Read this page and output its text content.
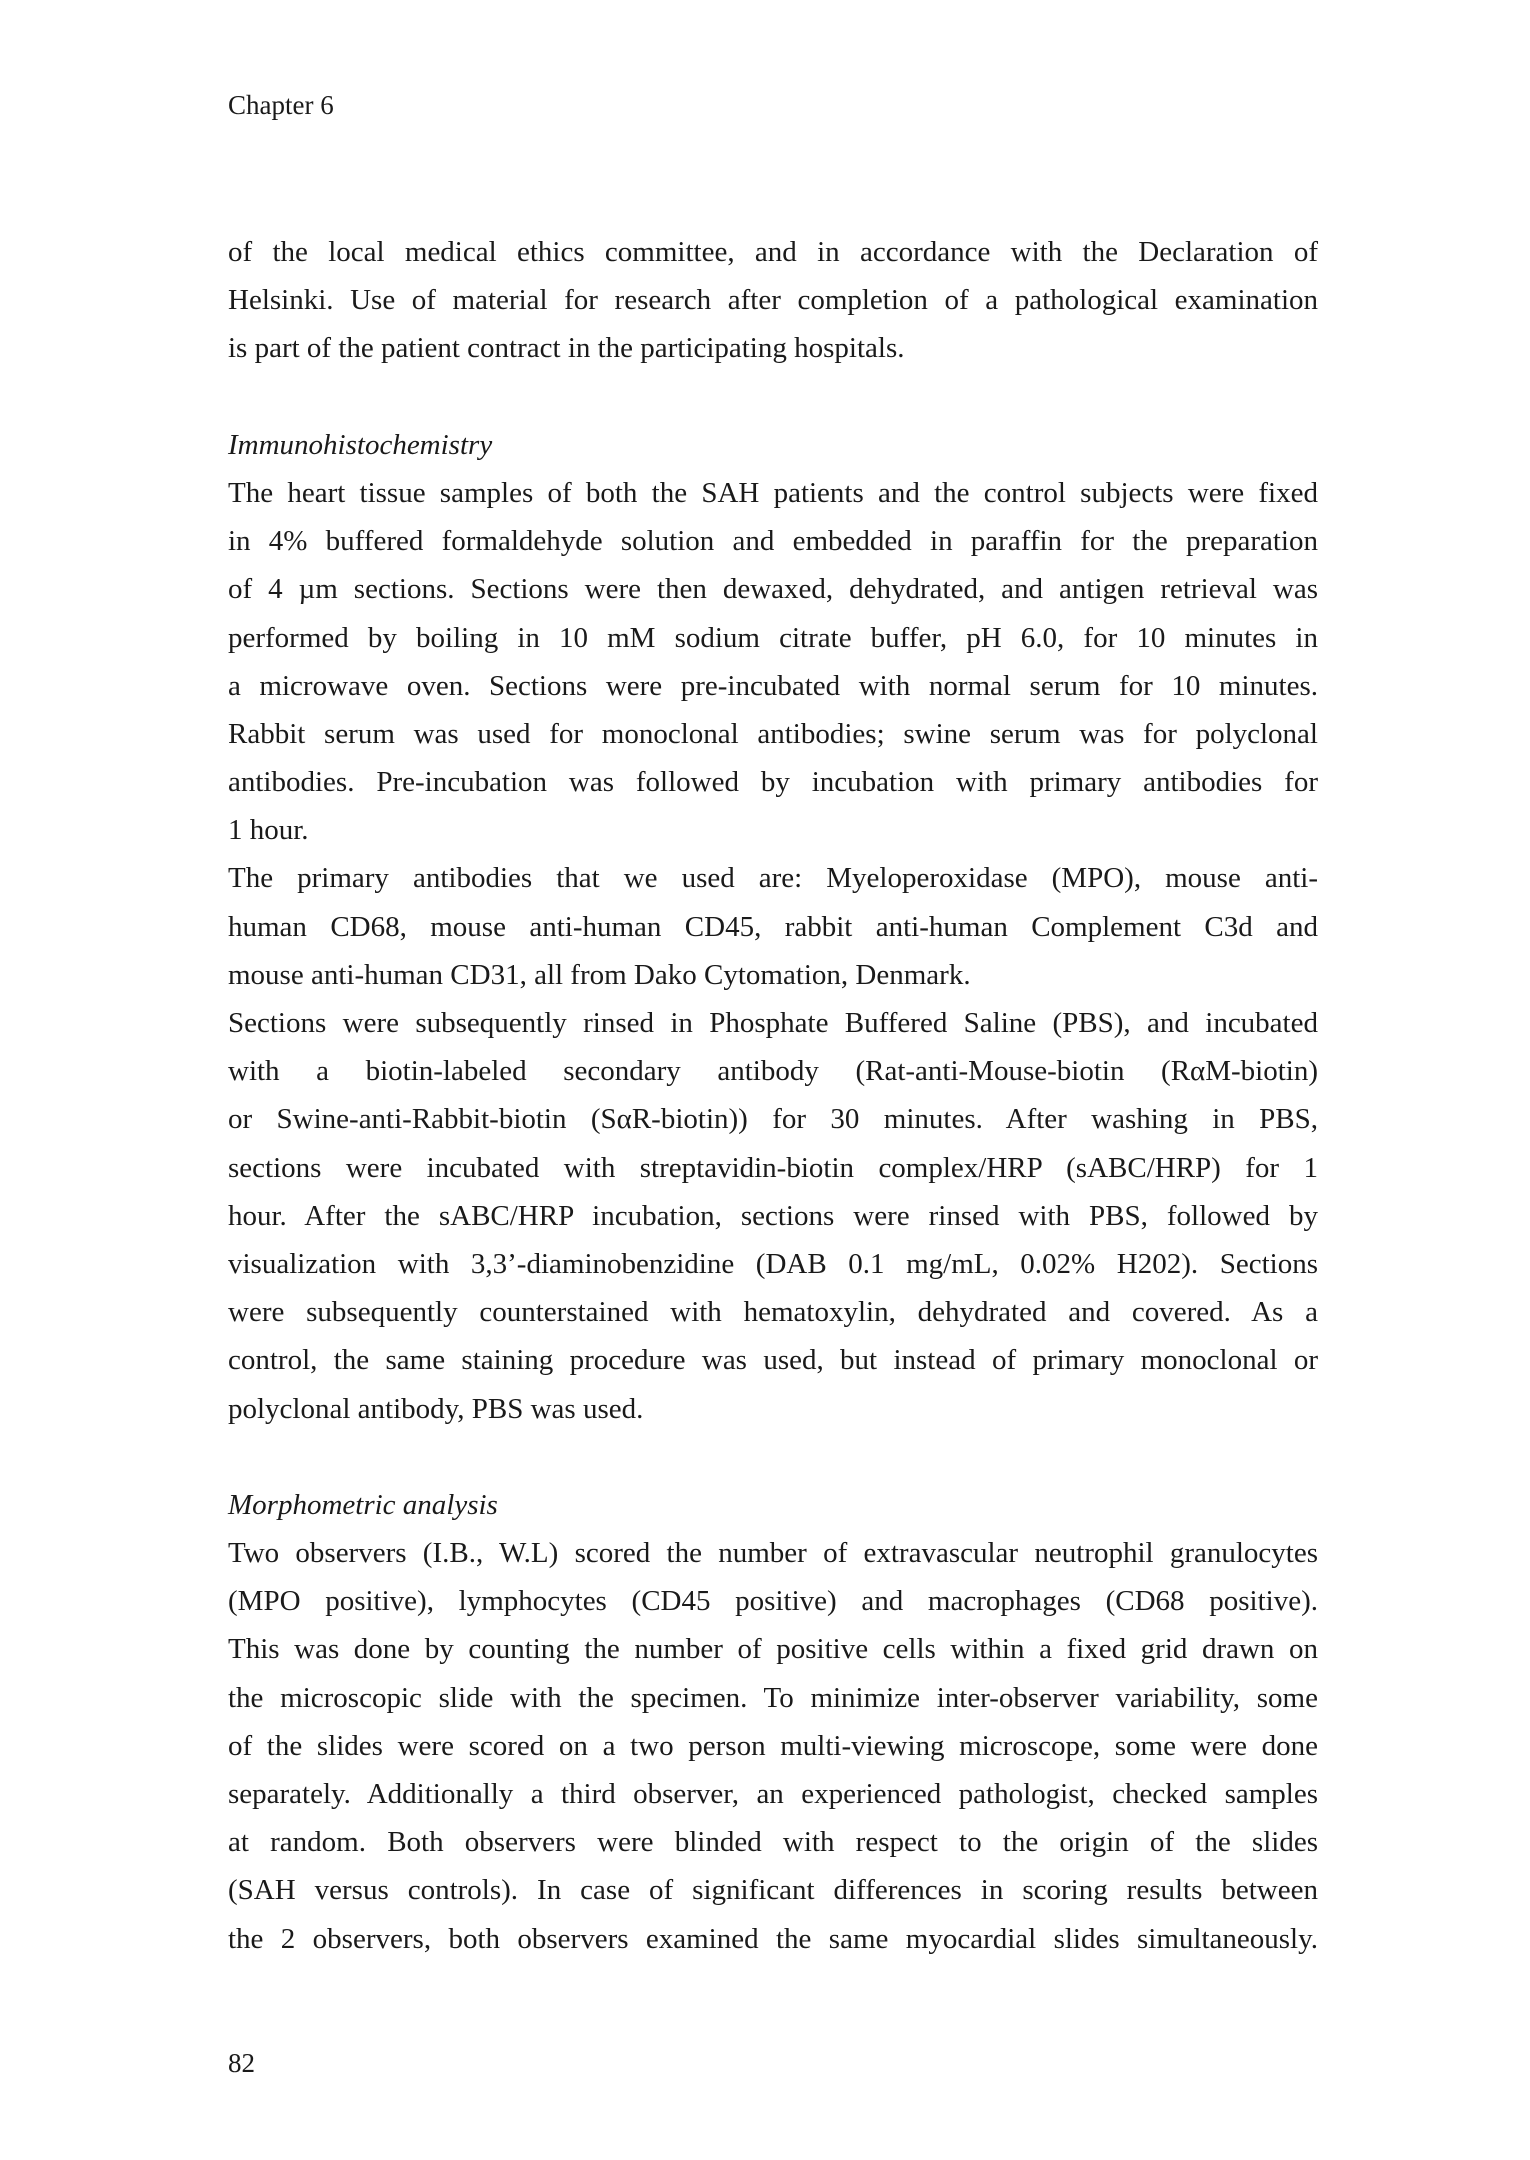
Chapter 6
of the local medical ethics committee, and in accordance with the Declaration of
Helsinki. Use of material for research after completion of a pathological examination
is part of the patient contract in the participating hospitals.
Immunohistochemistry
The heart tissue samples of both the SAH patients and the control subjects were fixed
in 4% buffered formaldehyde solution and embedded in paraffin for the preparation
of 4 µm sections. Sections were then dewaxed, dehydrated, and antigen retrieval was
performed by boiling in 10 mM sodium citrate buffer, pH 6.0, for 10 minutes in
a microwave oven. Sections were pre-incubated with normal serum for 10 minutes.
Rabbit serum was used for monoclonal antibodies; swine serum was for polyclonal
antibodies. Pre-incubation was followed by incubation with primary antibodies for
1 hour.
The primary antibodies that we used are: Myeloperoxidase (MPO), mouse anti-
human CD68, mouse anti-human CD45, rabbit anti-human Complement C3d and
mouse anti-human CD31, all from Dako Cytomation, Denmark.
Sections were subsequently rinsed in Phosphate Buffered Saline (PBS), and incubated
with a biotin-labeled secondary antibody (Rat-anti-Mouse-biotin (RαM-biotin)
or Swine-anti-Rabbit-biotin (SαR-biotin)) for 30 minutes. After washing in PBS,
sections were incubated with streptavidin-biotin complex/HRP (sABC/HRP) for 1
hour. After the sABC/HRP incubation, sections were rinsed with PBS, followed by
visualization with 3,3’-diaminobenzidine (DAB 0.1 mg/mL, 0.02% H202). Sections
were subsequently counterstained with hematoxylin, dehydrated and covered. As a
control, the same staining procedure was used, but instead of primary monoclonal or
polyclonal antibody, PBS was used.
Morphometric analysis
Two observers (I.B., W.L) scored the number of extravascular neutrophil granulocytes
(MPO positive), lymphocytes (CD45 positive) and macrophages (CD68 positive).
This was done by counting the number of positive cells within a fixed grid drawn on
the microscopic slide with the specimen. To minimize inter-observer variability, some
of the slides were scored on a two person multi-viewing microscope, some were done
separately. Additionally a third observer, an experienced pathologist, checked samples
at random. Both observers were blinded with respect to the origin of the slides
(SAH versus controls). In case of significant differences in scoring results between
the 2 observers, both observers examined the same myocardial slides simultaneously.
82
